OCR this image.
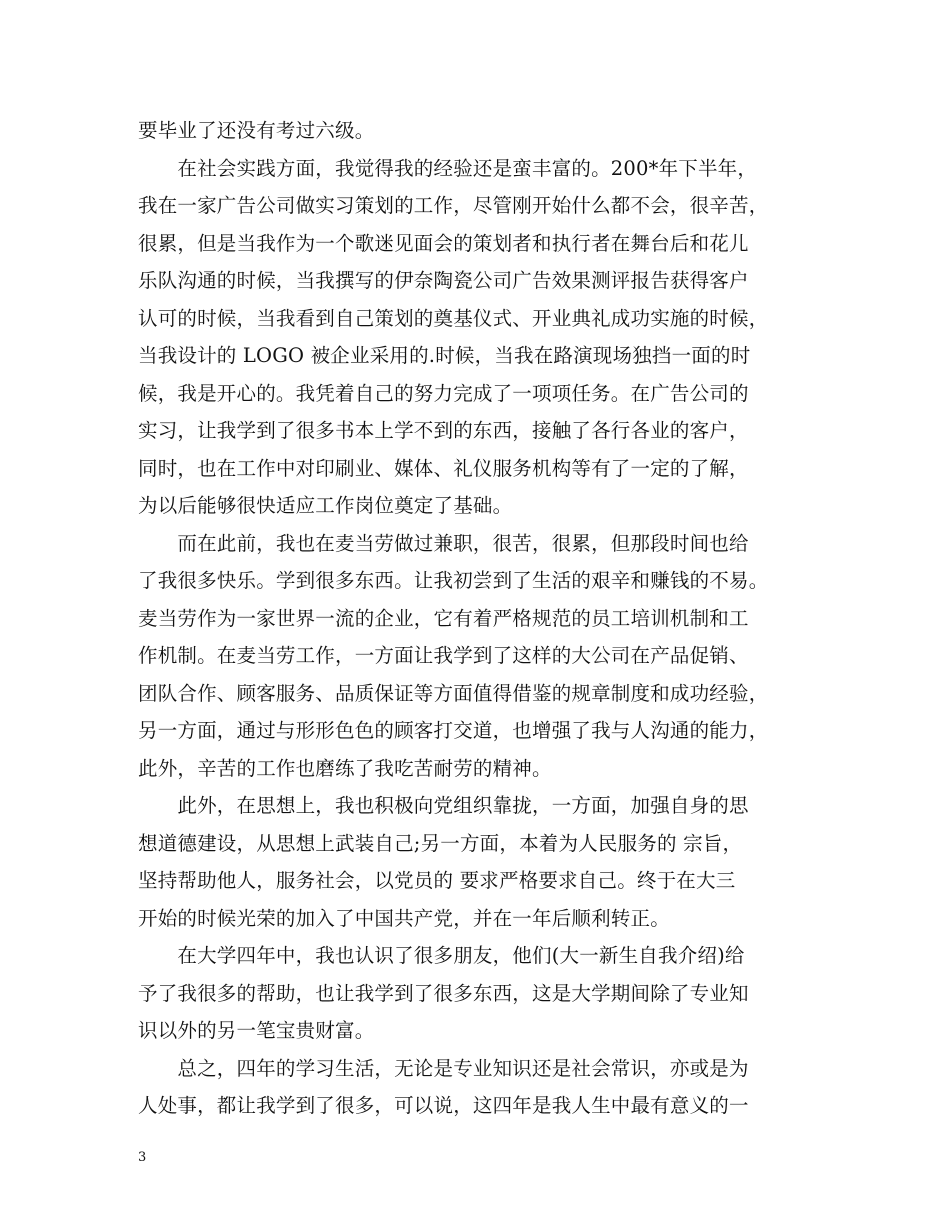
要毕业了还没有考过六级。
　　在社会实践方面，我觉得我的经验还是蛮丰富的。200*年下半年，
我在一家广告公司做实习策划的工作，尽管刚开始什么都不会，很辛苦，
很累，但是当我作为一个歌迷见面会的策划者和执行者在舞台后和花儿
乐队沟通的时候，当我撰写的伊奈陶瓷公司广告效果测评报告获得客户
认可的时候，当我看到自己策划的奠基仪式、开业典礼成功实施的时候，
当我设计的 LOGO 被企业采用的.时候，当我在路演现场独挡一面的时
候，我是开心的。我凭着自己的努力完成了一项项任务。在广告公司的
实习，让我学到了很多书本上学不到的东西，接触了各行各业的客户，
同时，也在工作中对印刷业、媒体、礼仪服务机构等有了一定的了解，
为以后能够很快适应工作岗位奠定了基础。
　　而在此前，我也在麦当劳做过兼职，很苦，很累，但那段时间也给
了我很多快乐。学到很多东西。让我初尝到了生活的艰辛和赚钱的不易。
麦当劳作为一家世界一流的企业，它有着严格规范的员工培训机制和工
作机制。在麦当劳工作，一方面让我学到了这样的大公司在产品促销、
团队合作、顾客服务、品质保证等方面值得借鉴的规章制度和成功经验，
另一方面，通过与形形色色的顾客打交道，也增强了我与人沟通的能力，
此外，辛苦的工作也磨练了我吃苦耐劳的精神。
　　此外，在思想上，我也积极向党组织靠拢，一方面，加强自身的思
想道德建设，从思想上武装自己;另一方面，本着为人民服务的 宗旨，
坚持帮助他人，服务社会，以党员的 要求严格要求自己。终于在大三
开始的时候光荣的加入了中国共产党，并在一年后顺利转正。
　　在大学四年中，我也认识了很多朋友，他们(大一新生自我介绍)给
予了我很多的帮助，也让我学到了很多东西，这是大学期间除了专业知
识以外的另一笔宝贵财富。
　　总之，四年的学习生活，无论是专业知识还是社会常识，亦或是为
人处事，都让我学到了很多，可以说，这四年是我人生中最有意义的一
3
